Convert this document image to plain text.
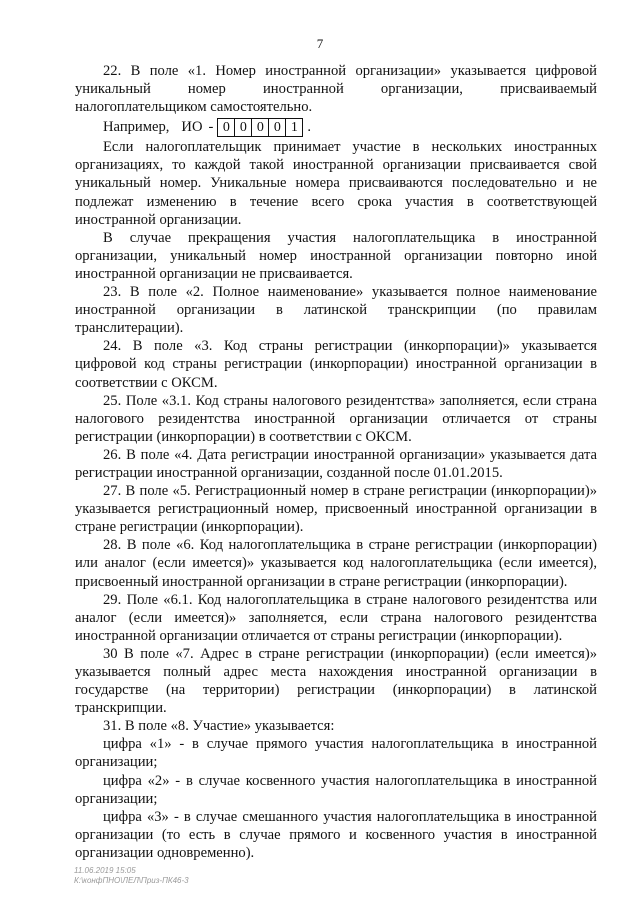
7

22. В поле «1. Номер иностранной организации» указывается цифровой уникальный номер иностранной организации, присваиваемый налогоплательщиком самостоятельно.

Например, ИО - 0 0 0 0 1 .

Если налогоплательщик принимает участие в нескольких иностранных организациях, то каждой такой иностранной организации присваивается свой уникальный номер. Уникальные номера присваиваются последовательно и не подлежат изменению в течение всего срока участия в соответствующей иностранной организации.

В случае прекращения участия налогоплательщика в иностранной организации, уникальный номер иностранной организации повторно иной иностранной организации не присваивается.

23. В поле «2. Полное наименование» указывается полное наименование иностранной организации в латинской транскрипции (по правилам транслитерации).

24. В поле «3. Код страны регистрации (инкорпорации)» указывается цифровой код страны регистрации (инкорпорации) иностранной организации в соответствии с ОКСМ.

25. Поле «3.1. Код страны налогового резидентства» заполняется, если страна налогового резидентства иностранной организации отличается от страны регистрации (инкорпорации) в соответствии с ОКСМ.

26. В поле «4. Дата регистрации иностранной организации» указывается дата регистрации иностранной организации, созданной после 01.01.2015.

27. В поле «5. Регистрационный номер в стране регистрации (инкорпорации)» указывается регистрационный номер, присвоенный иностранной организации в стране регистрации (инкорпорации).

28. В поле «6. Код налогоплательщика в стране регистрации (инкорпорации) или аналог (если имеется)» указывается код налогоплательщика (если имеется), присвоенный иностранной организации в стране регистрации (инкорпорации).

29. Поле «6.1. Код налогоплательщика в стране налогового резидентства или аналог (если имеется)» заполняется, если страна налогового резидентства иностранной организации отличается от страны регистрации (инкорпорации).

30 В поле «7. Адрес в стране регистрации (инкорпорации) (если имеется)» указывается полный адрес места нахождения иностранной организации в государстве (на территории) регистрации (инкорпорации) в латинской транскрипции.

31. В поле «8. Участие» указывается:

цифра «1» - в случае прямого участия налогоплательщика в иностранной организации;

цифра «2» - в случае косвенного участия налогоплательщика в иностранной организации;

цифра «3» - в случае смешанного участия налогоплательщика в иностранной организации (то есть в случае прямого и косвенного участия в иностранной организации одновременно).

11.06.2019 15:05
К:\конфПНО\ЛЕЛ\Приз-ПК46-3
